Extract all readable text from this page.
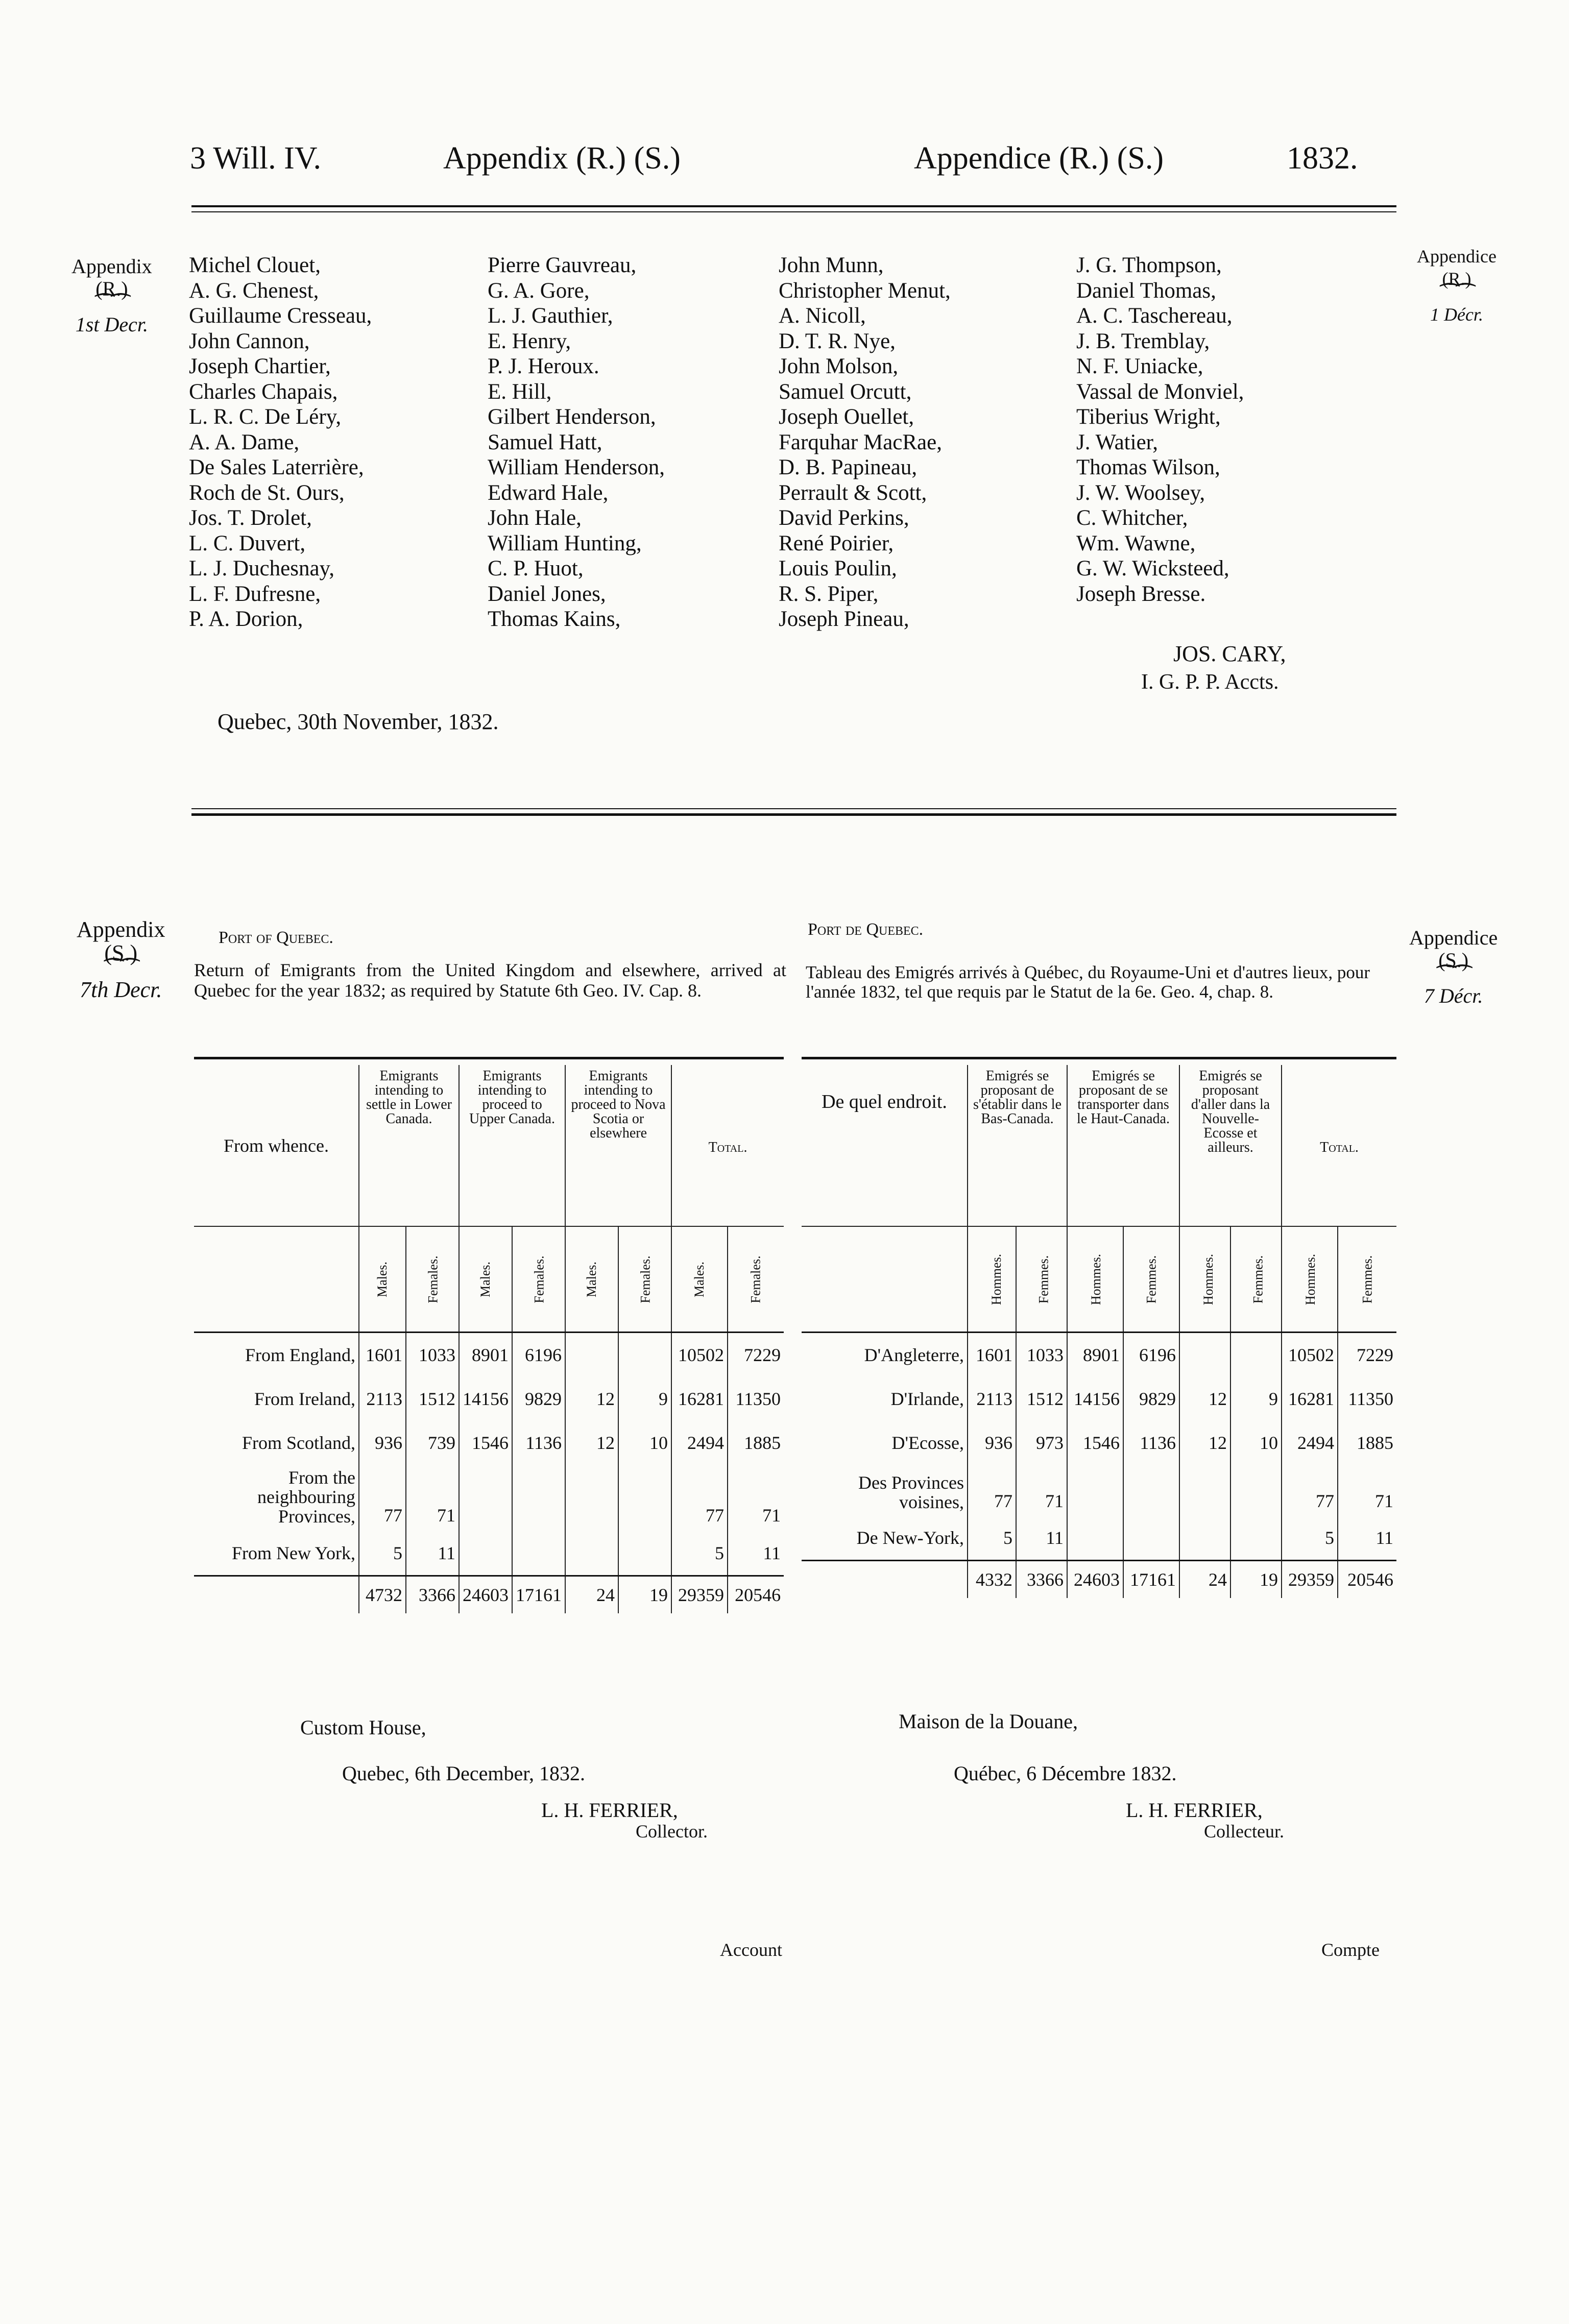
3 Will. IV.	Appendix (R.) (S.)	Appendice (R.) (S.)	1832.
Appendix
(R.)
⁀⁀
1st Decr.
Appendice
(R.)
⁀⁀
1 Décr.
Michel Clouet,
A. G. Chenest,
Guillaume Cresseau,
John Cannon,
Joseph Chartier,
Charles Chapais,
L. R. C. De Léry,
A. A. Dame,
De Sales Laterrière,
Roch de St. Ours,
Jos. T. Drolet,
L. C. Duvert,
L. J. Duchesnay,
L. F. Dufresne,
P. A. Dorion,
Pierre Gauvreau,
G. A. Gore,
L. J. Gauthier,
E. Henry,
P. J. Heroux.
E. Hill,
Gilbert Henderson,
Samuel Hatt,
William Henderson,
Edward Hale,
John Hale,
William Hunting,
C. P. Huot,
Daniel Jones,
Thomas Kains,
John Munn,
Christopher Menut,
A. Nicoll,
D. T. R. Nye,
John Molson,
Samuel Orcutt,
Joseph Ouellet,
Farquhar MacRae,
D. B. Papineau,
Perrault & Scott,
David Perkins,
René Poirier,
Louis Poulin,
R. S. Piper,
Joseph Pineau,
J. G. Thompson,
Daniel Thomas,
A. C. Taschereau,
J. B. Tremblay,
N. F. Uniacke,
Vassal de Monviel,
Tiberius Wright,
J. Watier,
Thomas Wilson,
J. W. Woolsey,
C. Whitcher,
Wm. Wawne,
G. W. Wicksteed,
Joseph Bresse.
JOS. CARY,
I. G. P. P. Accts.
Quebec, 30th November, 1832.
Appendix
(S.)
⁀⁀
7th Decr.
Appendice
(S.)
⁀⁀
7 Décr.
Port of Quebec.
Return of Emigrants from the United Kingdom and elsewhere, arrived at Quebec for the year 1832; as required by Statute 6th Geo. IV. Cap. 8.
From whence.	Emigrants intending to settle in Lower Canada.		Emigrants intending to proceed to Upper Canada.		Emigrants intending to proceed to Nova Scotia or elsewhere		Total.	
	Males.	Females.	Males.	Females.	Males.	Females.	Males.	Females.
From England,	1601	1033	8901	6196			10502	7229
From Ireland,	2113	1512	14156	9829	12	9	16281	11350
From Scotland,	936	739	1546	1136	12	10	2494	1885
From the neighbouring Provinces,	77	71					77	71
From New York,	5	11					5	11
	4732	3366	24603	17161	24	19	29359	20546
Custom House,
Quebec, 6th December, 1832.
L. H. FERRIER,
Collector.
Account
Port de Quebec.
Tableau des Emigrés arrivés à Québec, du Royaume-Uni et d'autres lieux, pour l'année 1832, tel que requis par le Statut de la 6e. Geo. 4, chap. 8.
De quel endroit.	Emigrés se proposant de s'établir dans le Bas-Canada.		Emigrés se proposant de se transporter dans le Haut-Canada.		Emigrés se proposant d'aller dans la Nouvelle-Ecosse et ailleurs.		Total.	
	Hommes.	Femmes.	Hommes.	Femmes.	Hommes.	Femmes.	Hommes.	Femmes.
D'Angleterre,	1601	1033	8901	6196			10502	7229
D'Irlande,	2113	1512	14156	9829	12	9	16281	11350
D'Ecosse,	936	973	1546	1136	12	10	2494	1885
Des Provinces voisines,	77	71					77	71
De New-York,	5	11					5	11
	4332	3366	24603	17161	24	19	29359	20546
Maison de la Douane,
Québec, 6 Décembre 1832.
L. H. FERRIER,
Collecteur.
Compte
